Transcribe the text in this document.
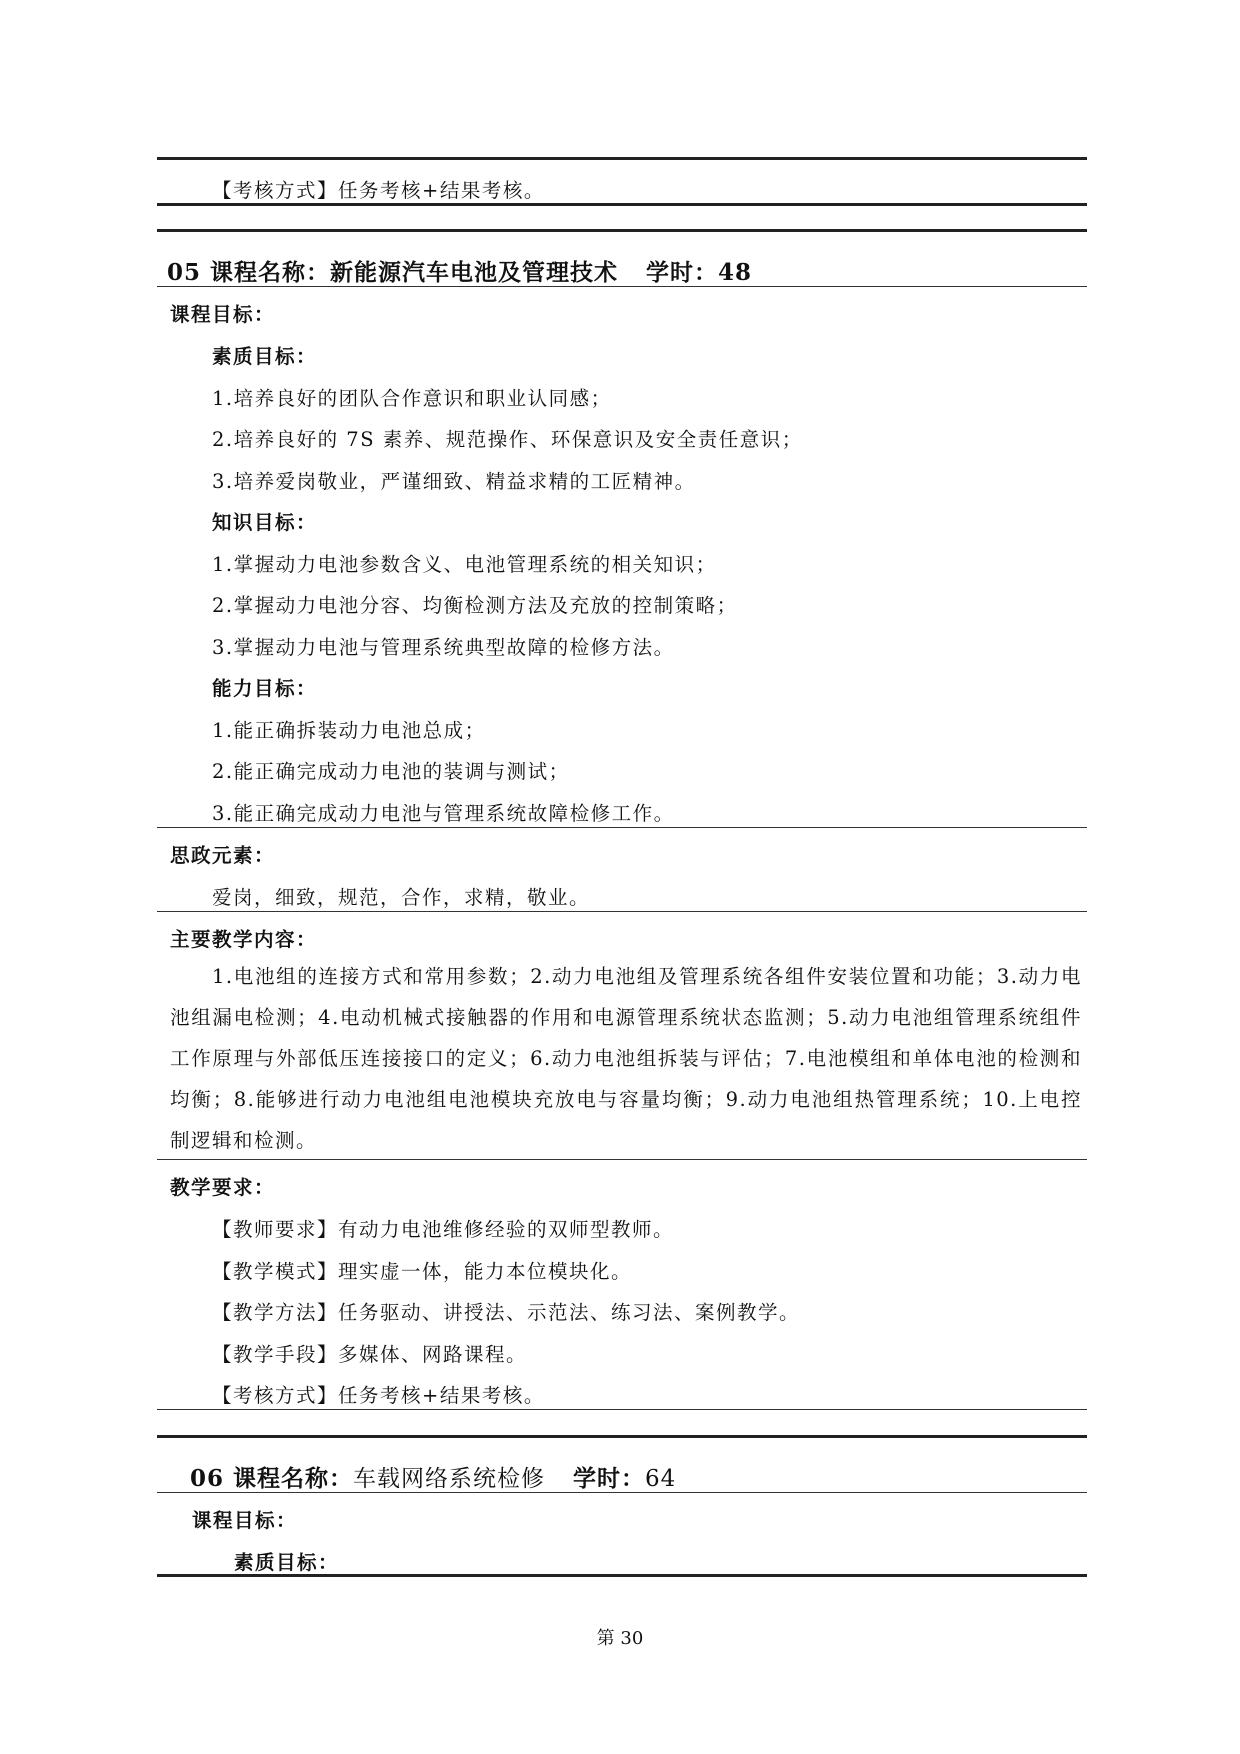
【考核方式】任务考核+结果考核。
05 课程名称：新能源汽车电池及管理技术 学时：48
课程目标：
素质目标：
1.培养良好的团队合作意识和职业认同感；
2.培养良好的 7S 素养、规范操作、环保意识及安全责任意识；
3.培养爱岗敬业，严谨细致、精益求精的工匠精神。
知识目标：
1.掌握动力电池参数含义、电池管理系统的相关知识；
2.掌握动力电池分容、均衡检测方法及充放的控制策略；
3.掌握动力电池与管理系统典型故障的检修方法。
能力目标：
1.能正确拆装动力电池总成；
2.能正确完成动力电池的装调与测试；
3.能正确完成动力电池与管理系统故障检修工作。
思政元素：
爱岗，细致，规范，合作，求精，敬业。
主要教学内容：
1.电池组的连接方式和常用参数；2.动力电池组及管理系统各组件安装位置和功能；3.动力电池组漏电检测；4.电动机械式接触器的作用和电源管理系统状态监测；5.动力电池组管理系统组件工作原理与外部低压连接接口的定义；6.动力电池组拆装与评估；7.电池模组和单体电池的检测和均衡；8.能够进行动力电池组电池模块充放电与容量均衡；9.动力电池组热管理系统；10.上电控制逻辑和检测。
教学要求：
【教师要求】有动力电池维修经验的双师型教师。
【教学模式】理实虚一体，能力本位模块化。
【教学方法】任务驱动、讲授法、示范法、练习法、案例教学。
【教学手段】多媒体、网路课程。
【考核方式】任务考核+结果考核。
06 课程名称：车载网络系统检修 学时：64
课程目标：
素质目标：
第 30
